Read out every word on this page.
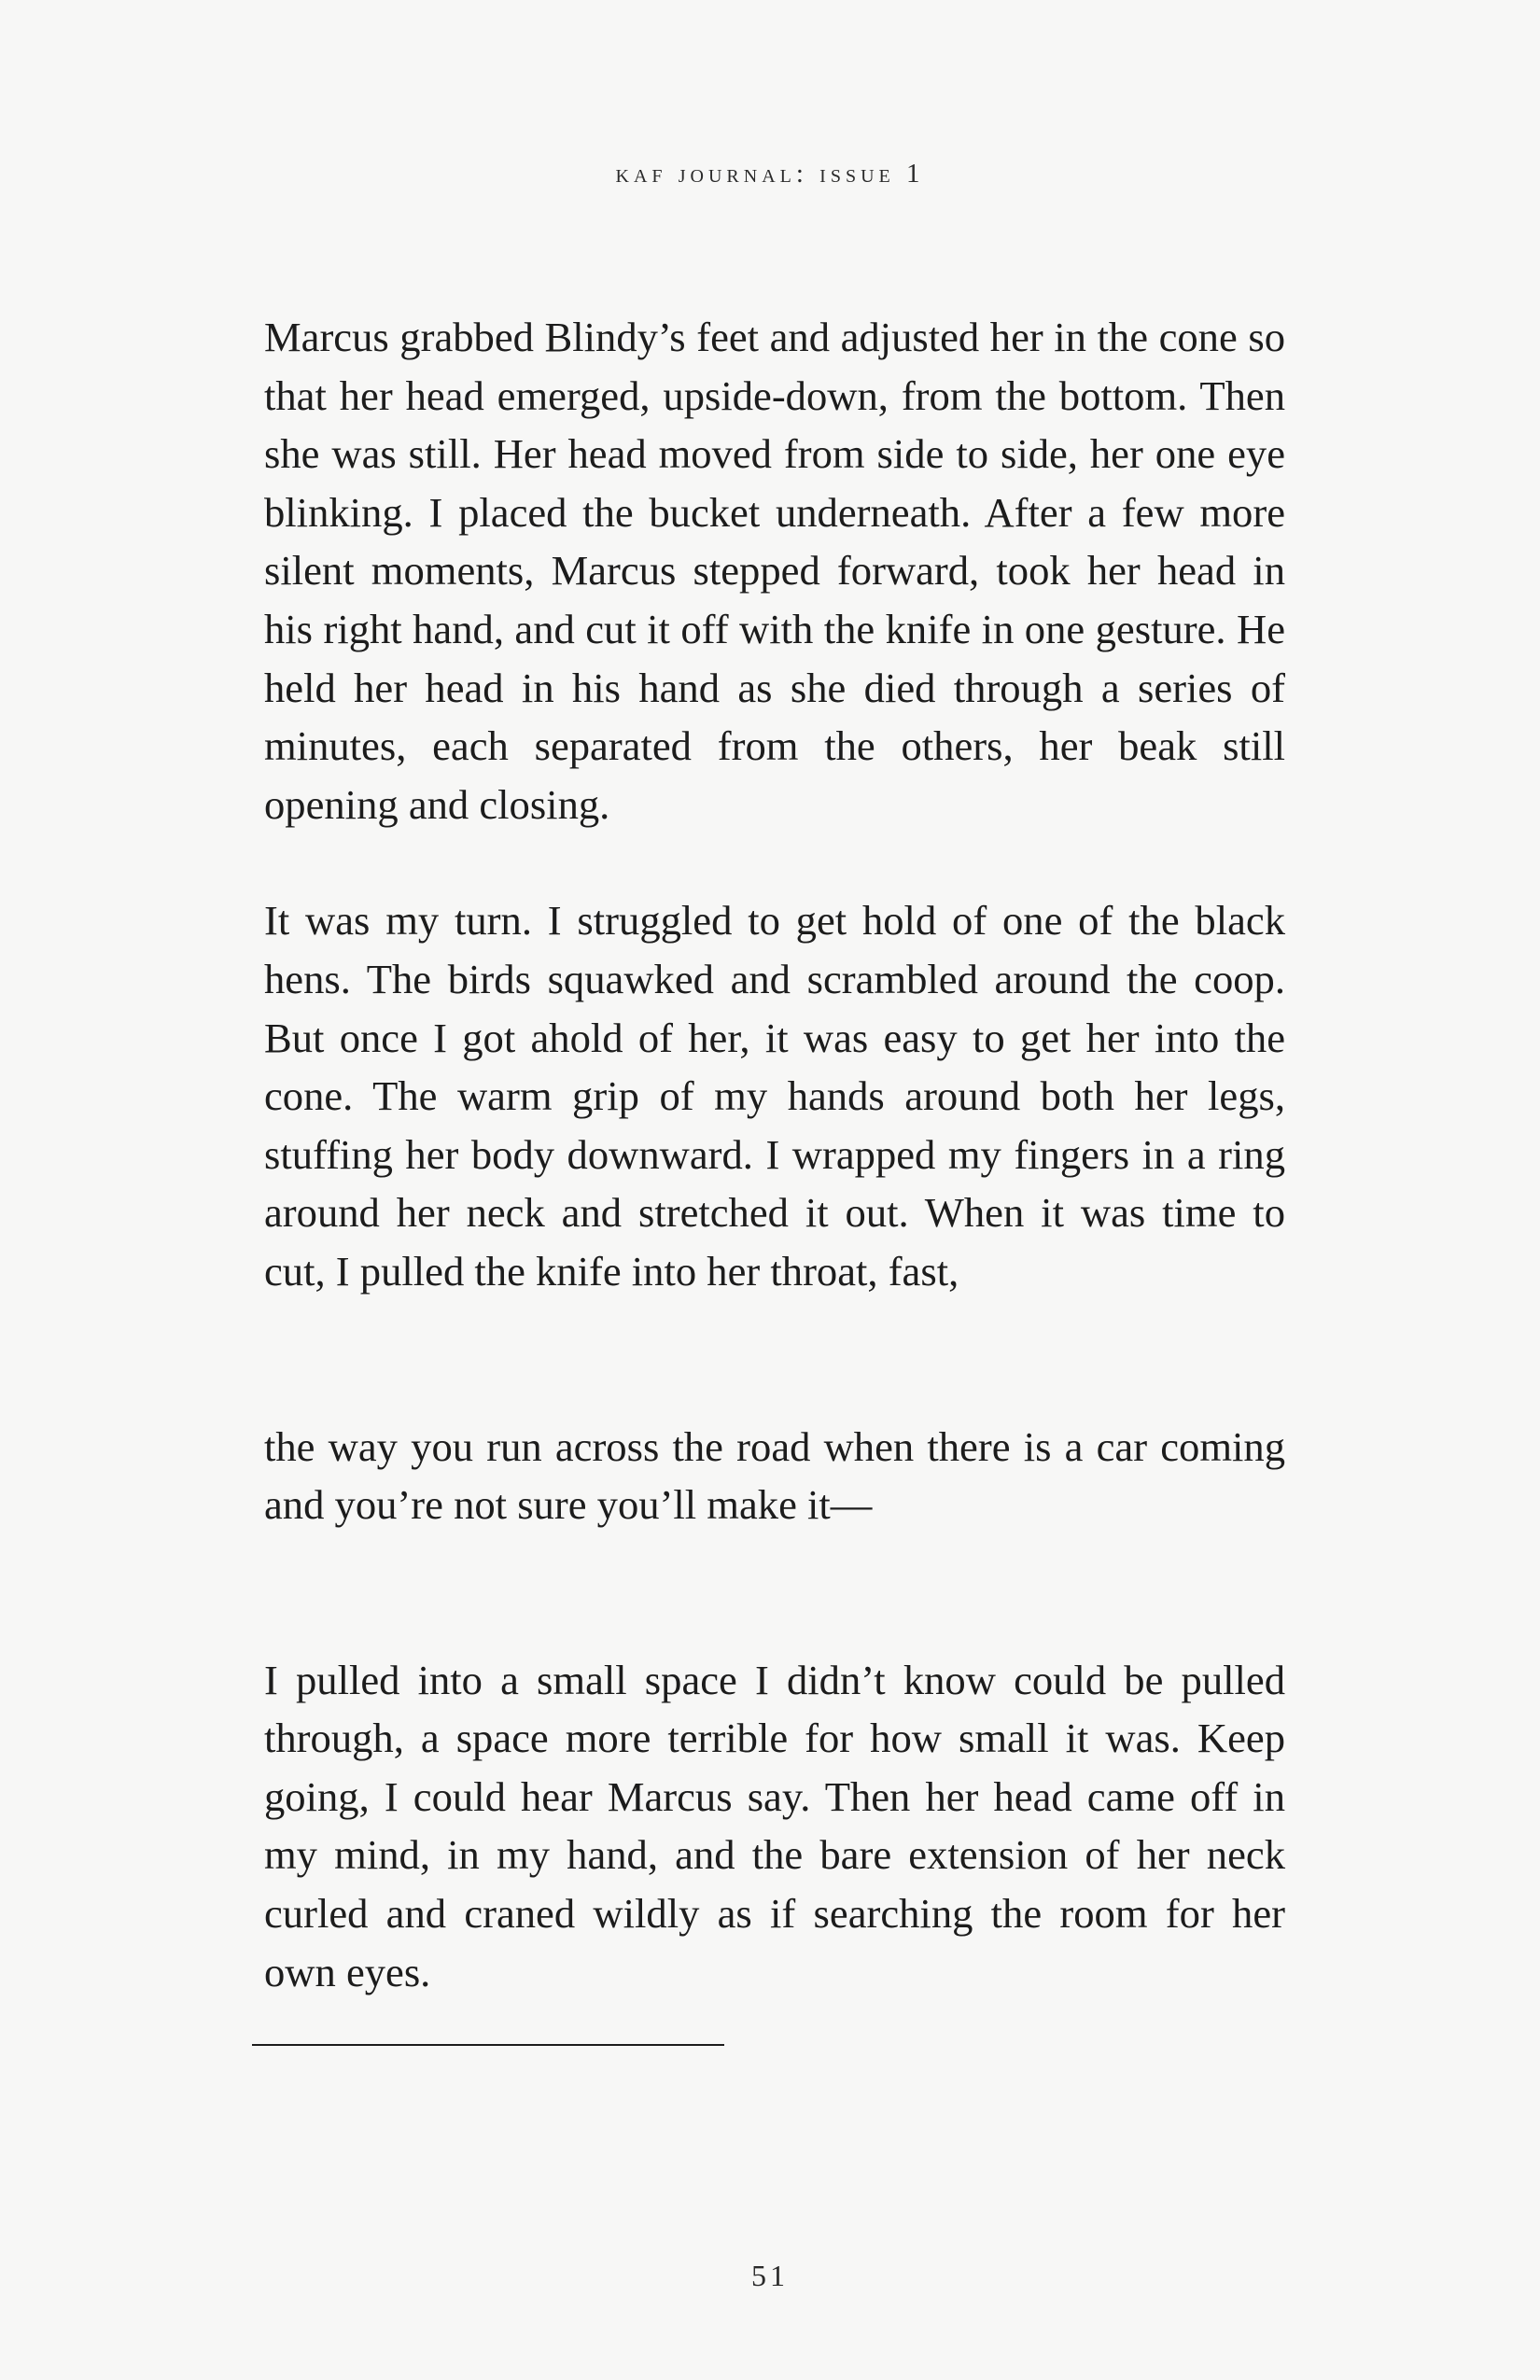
kaf journal: issue 1

Marcus grabbed Blindy’s feet and adjusted her in the cone so that her head emerged, upside-down, from the bottom. Then she was still. Her head moved from side to side, her one eye blinking. I placed the bucket underneath. After a few more silent moments, Marcus stepped forward, took her head in his right hand, and cut it off with the knife in one gesture. He held her head in his hand as she died through a series of minutes, each separated from the others, her beak still opening and closing.

It was my turn. I struggled to get hold of one of the black hens. The birds squawked and scrambled around the coop. But once I got ahold of her, it was easy to get her into the cone. The warm grip of my hands around both her legs, stuffing her body downward. I wrapped my fingers in a ring around her neck and stretched it out. When it was time to cut, I pulled the knife into her throat, fast,

the way you run across the road when there is a car coming and you’re not sure you’ll make it—

I pulled into a small space I didn’t know could be pulled through, a space more terrible for how small it was. Keep going, I could hear Marcus say. Then her head came off in my mind, in my hand, and the bare extension of her neck curled and craned wildly as if searching the room for her own eyes.

51
